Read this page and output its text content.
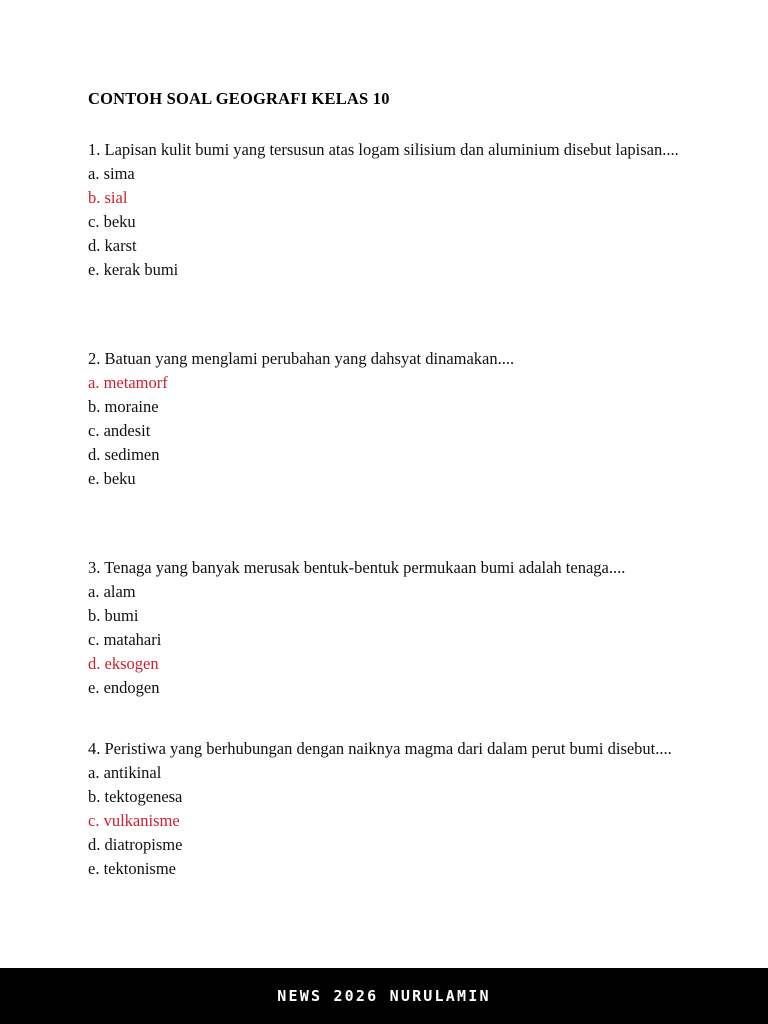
CONTOH SOAL GEOGRAFI KELAS 10

1. Lapisan kulit bumi yang tersusun atas logam silisium dan aluminium disebut lapisan....

a. sima
b. sial
c. beku
d. karst
e. kerak bumi

2. Batuan yang menglami perubahan yang dahsyat dinamakan....

a. metamorf
b. moraine
c. andesit
d. sedimen
e. beku

3. Tenaga yang banyak merusak bentuk-bentuk permukaan bumi adalah tenaga....

a. alam
b. bumi
c. matahari
d. eksogen
e. endogen

4. Peristiwa yang berhubungan dengan naiknya magma dari dalam perut bumi disebut....

a. antikinal
b. tektogenesa
c. vulkanisme
d. diatropisme
e. tektonisme
NEWS 2026 NURULAMIN
